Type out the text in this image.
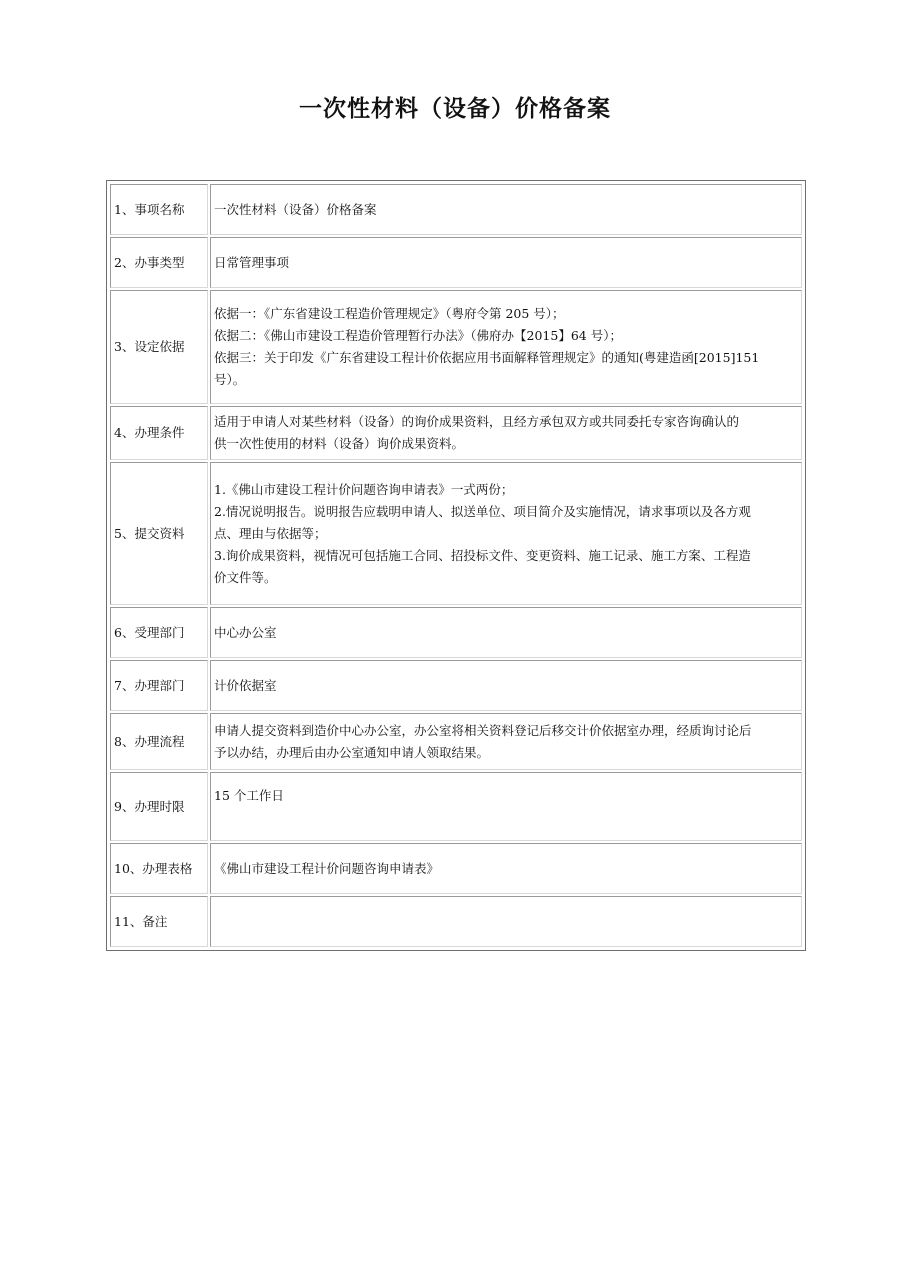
一次性材料（设备）价格备案
1、事项名称	一次性材料（设备）价格备案

2、办事类型	日常管理事项

3、设定依据	依据一：《广东省建设工程造价管理规定》（粤府令第 205 号）；
依据二：《佛山市建设工程造价管理暂行办法》（佛府办【2015】64 号）；
依据三：关于印发《广东省建设工程计价依据应用书面解释管理规定》的通知(粤建造函[2015]151
号）。

4、办理条件	适用于申请人对某些材料（设备）的询价成果资料，且经方承包双方或共同委托专家咨询确认的
供一次性使用的材料（设备）询价成果资料。

5、提交资料	1.《佛山市建设工程计价问题咨询申请表》一式两份；
2.情况说明报告。说明报告应载明申请人、拟送单位、项目简介及实施情况，请求事项以及各方观
点、理由与依据等；
3.询价成果资料，视情况可包括施工合同、招投标文件、变更资料、施工记录、施工方案、工程造
价文件等。

6、受理部门	中心办公室

7、办理部门	计价依据室

8、办理流程	申请人提交资料到造价中心办公室，办公室将相关资料登记后移交计价依据室办理，经质询讨论后
予以办结，办理后由办公室通知申请人领取结果。

9、办理时限	15 个工作日

10、办理表格	《佛山市建设工程计价问题咨询申请表》

11、备注	
